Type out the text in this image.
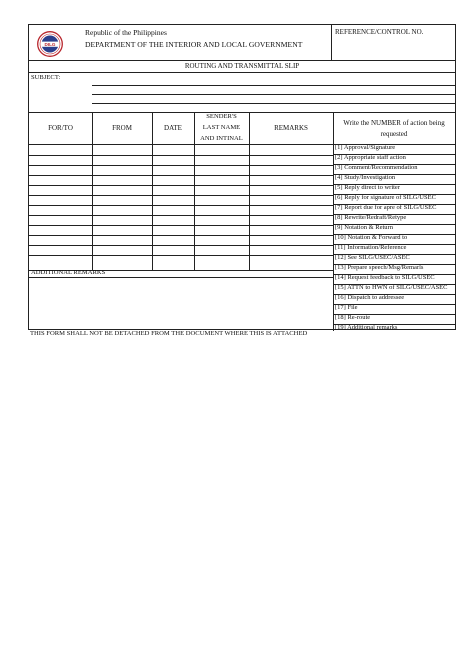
DILG
Republic of the Philippines
DEPARTMENT OF THE INTERIOR AND LOCAL GOVERNMENT
REFERENCE/CONTROL NO.
ROUTING AND TRANSMITTAL SLIP
SUBJECT:
FOR/TO	FROM	DATE
SENDER'S
LAST NAME
AND INTINAL
REMARKS
Write the NUMBER of action being
requested
ADDITIONAL REMARKS
[1] Approval/Signature
[2] Appropriate staff action
[3] Comment/Recommendation
[4] Study/Investigation
[5] Reply direct to writer
[6] Reply for signature of SILG/USEC
[7] Report due for apre of SILG/USEC
[8] Rewrite/Redraft/Retype
[9] Notation & Return
[10] Notation & Forward to
[11] Information/Reference
[12] See SILG/USEC/ASEC
[13] Prepare speech/Msg/Remarls
[14] Request feedback to SILG/USEC
[15] ATTN to HWN of SILG/USEC/ASEC
[16] Dispatch to addressee
[17] File
[18] Re-route
[19] Additional remarks
THIS FORM SHALL NOT BE DETACHED FROM THE DOCUMENT WHERE THIS IS ATTACHED
